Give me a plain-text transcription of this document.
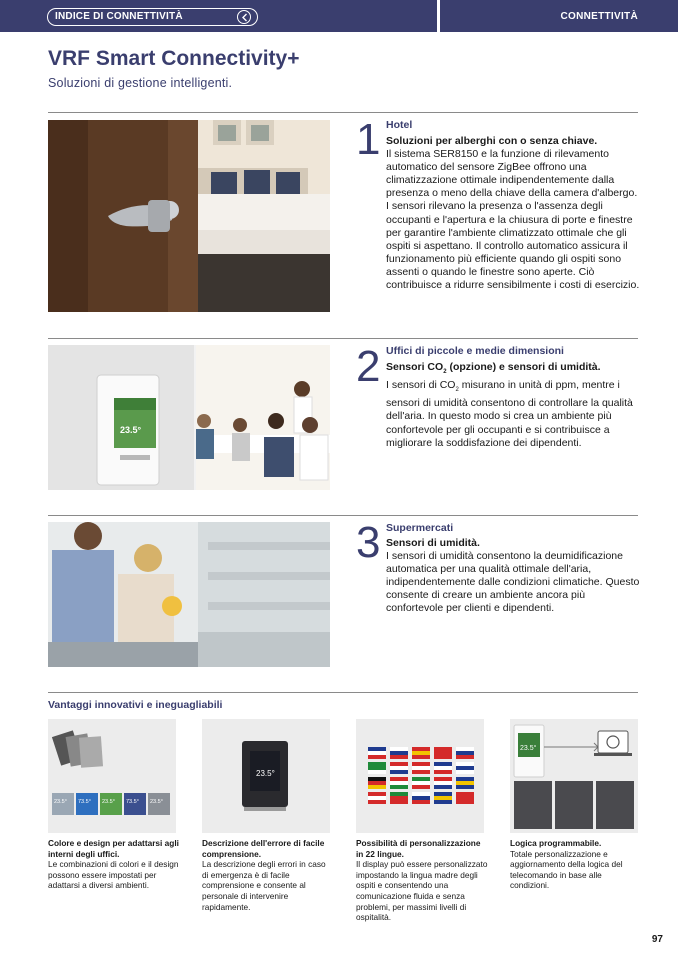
INDICE DI CONNETTIVITÀ	CONNETTIVITÀ
VRF Smart Connectivity+
Soluzioni di gestione intelligenti.
1 Hotel
Soluzioni per alberghi con o senza chiave.
Il sistema SER8150 e la funzione di rilevamento automatico del sensore ZigBee offrono una climatizzazione ottimale indipendentemente dalla presenza o meno della chiave della camera d'albergo. I sensori rilevano la presenza o l'assenza degli occupanti e l'apertura e la chiusura di porte e finestre per garantire l'ambiente climatizzato ottimale che gli ospiti si aspettano. Il controllo automatico assicura il funzionamento più efficiente quando gli ospiti sono assenti o quando le finestre sono aperte. Ciò contribuisce a ridurre sensibilmente i costi di esercizio.
23.5°
2 Uffici di piccole e medie dimensioni
Sensori $CO_2$ (opzione) e sensori di umidità.
I sensori di $CO_2$ misurano in unità di ppm, mentre i sensori di umidità consentono di controllare la qualità dell'aria. In questo modo si crea un ambiente più confortevole per gli occupanti e si contribuisce a migliorare la soddisfazione dei dipendenti.
3 Supermercati
Sensori di umidità.
I sensori di umidità consentono la deumidificazione automatica per una qualità ottimale dell'aria, indipendentemente dalle condizioni climatiche. Questo consente di creare un ambiente ancora più confortevole per clienti e dipendenti.
Vantaggi innovativi e ineguagliabili
23.5°	73.5°	23.5°	73.5°	23.5°
Colore e design per adattarsi agli interni degli uffici.
Le combinazioni di colori e il design possono essere impostati per adattarsi a diversi ambienti.
23.5°
Descrizione dell'errore di facile comprensione.
La descrizione degli errori in caso di emergenza è di facile comprensione e consente al personale di intervenire rapidamente.
Possibilità di personalizzazione in 22 lingue.
Il display può essere personalizzato impostando la lingua madre degli ospiti e consentendo una comunicazione fluida e senza problemi, per massimi livelli di ospitalità.
23.5°
Logica programmabile.
Totale personalizzazione e aggiornamento della logica del telecomando in base alle condizioni.
97
